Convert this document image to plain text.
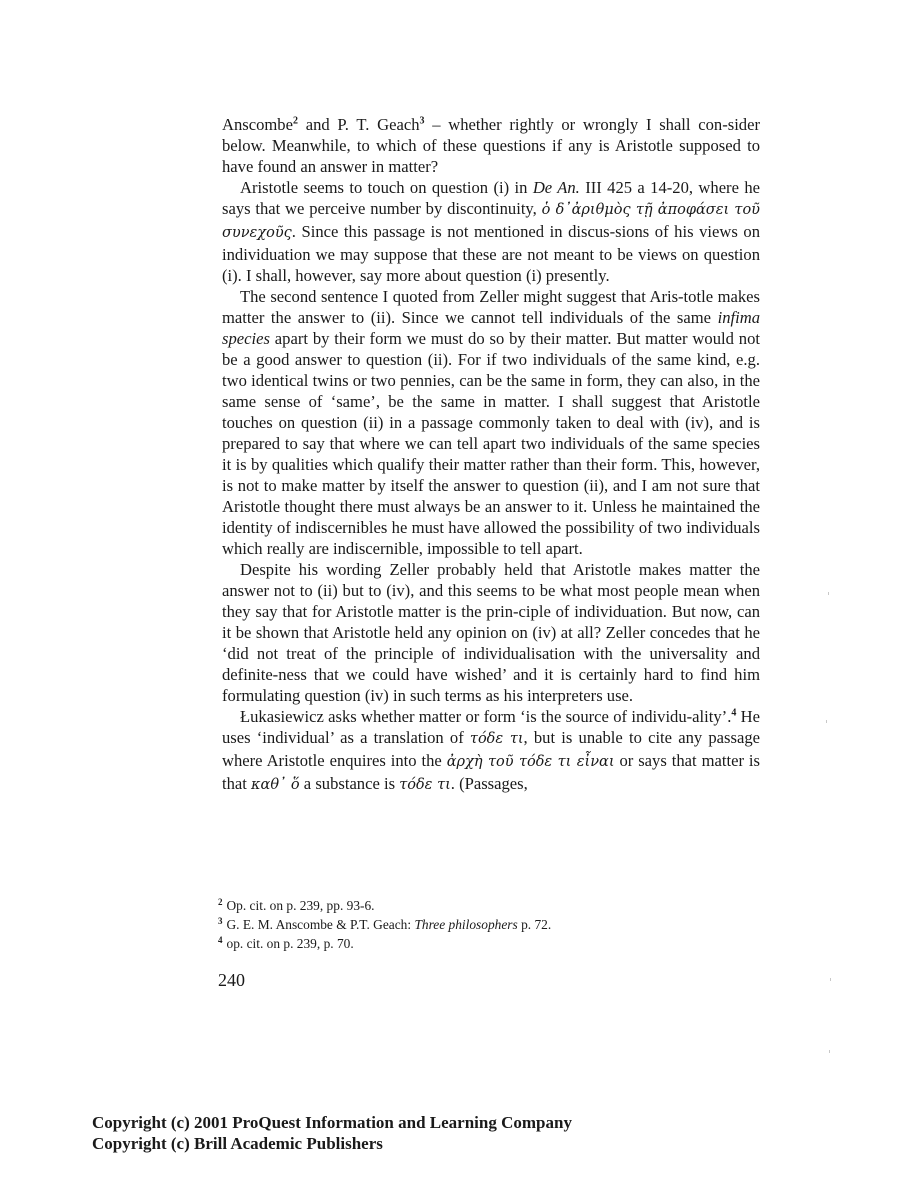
Anscombe$^2$ and P. T. Geach$^3$ – whether rightly or wrongly I shall con-sider below. Meanwhile, to which of these questions if any is Aristotle supposed to have found an answer in matter?

Aristotle seems to touch on question (i) in De An. III 425 a 14-20, where he says that we perceive number by discontinuity, ὁ δ᾽ἀριθμὸς τῇ ἀποφάσει τοῦ συνεχοῦς. Since this passage is not mentioned in discus-sions of his views on individuation we may suppose that these are not meant to be views on question (i). I shall, however, say more about question (i) presently.

The second sentence I quoted from Zeller might suggest that Aris-totle makes matter the answer to (ii). Since we cannot tell individuals of the same infima species apart by their form we must do so by their matter. But matter would not be a good answer to question (ii). For if two individuals of the same kind, e.g. two identical twins or two pennies, can be the same in form, they can also, in the same sense of ‘same’, be the same in matter. I shall suggest that Aristotle touches on question (ii) in a passage commonly taken to deal with (iv), and is prepared to say that where we can tell apart two individuals of the same species it is by qualities which qualify their matter rather than their form. This, however, is not to make matter by itself the answer to question (ii), and I am not sure that Aristotle thought there must always be an answer to it. Unless he maintained the identity of indiscernibles he must have allowed the possibility of two individuals which really are indiscernible, impossible to tell apart.

Despite his wording Zeller probably held that Aristotle makes matter the answer not to (ii) but to (iv), and this seems to be what most people mean when they say that for Aristotle matter is the prin-ciple of individuation. But now, can it be shown that Aristotle held any opinion on (iv) at all? Zeller concedes that he ‘did not treat of the principle of individualisation with the universality and definite-ness that we could have wished’ and it is certainly hard to find him formulating question (iv) in such terms as his interpreters use.

Łukasiewicz asks whether matter or form ‘is the source of individu-ality’.$^4$ He uses ‘individual’ as a translation of τόδε τι, but is unable to cite any passage where Aristotle enquires into the ἀρχὴ τοῦ τόδε τι εἶναι or says that matter is that καθ᾽ ὅ a substance is τόδε τι. (Passages,

$^2$ Op. cit. on p. 239, pp. 93-6.

$^3$ G. E. M. Anscombe & P.T. Geach: Three philosophers p. 72.

$^4$ op. cit. on p. 239, p. 70.

240
Copyright (c) 2001 ProQuest Information and Learning Company
Copyright (c) Brill Academic Publishers
